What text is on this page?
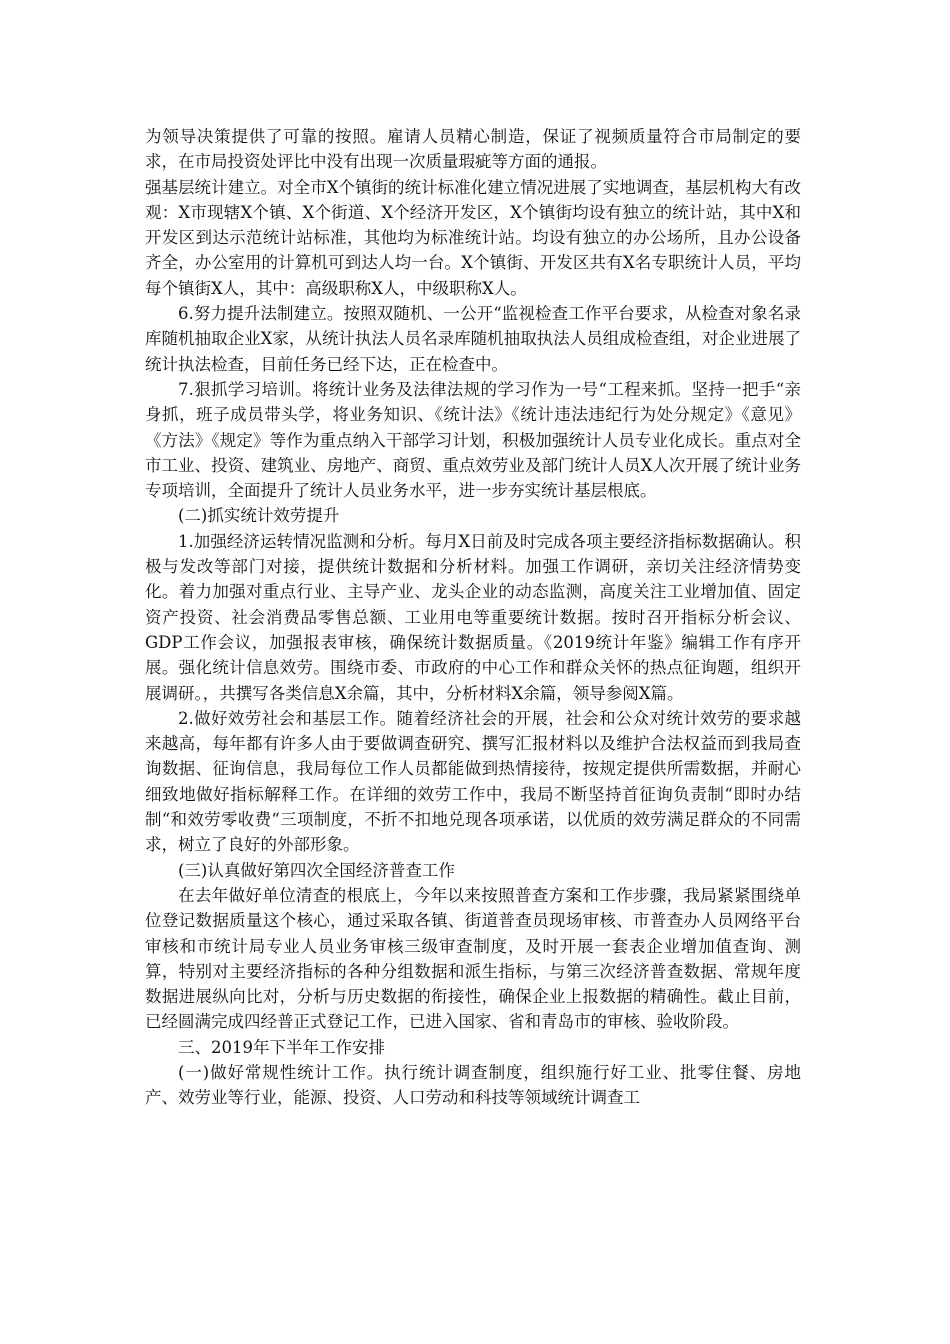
为领导决策提供了可靠的按照。雇请人员精心制造，保证了视频质量符合市局制定的要求，在市局投资处评比中没有出现一次质量瑕疵等方面的通报。

强基层统计建立。对全市X个镇街的统计标准化建立情况进展了实地调查，基层机构大有改观：X市现辖X个镇、X个街道、X个经济开发区，X个镇街均设有独立的统计站，其中X和开发区到达示范统计站标准，其他均为标准统计站。均设有独立的办公场所，且办公设备齐全，办公室用的计算机可到达人均一台。X个镇街、开发区共有X名专职统计人员，平均每个镇街X人，其中：高级职称X人，中级职称X人。

6.努力提升法制建立。按照双随机、一公开“监视检查工作平台要求，从检查对象名录库随机抽取企业X家，从统计执法人员名录库随机抽取执法人员组成检查组，对企业进展了统计执法检查，目前任务已经下达，正在检查中。

7.狠抓学习培训。将统计业务及法律法规的学习作为一号“工程来抓。坚持一把手“亲身抓，班子成员带头学，将业务知识、《统计法》《统计违法违纪行为处分规定》《意见》《方法》《规定》等作为重点纳入干部学习计划，积极加强统计人员专业化成长。重点对全市工业、投资、建筑业、房地产、商贸、重点效劳业及部门统计人员X人次开展了统计业务专项培训，全面提升了统计人员业务水平，进一步夯实统计基层根底。

(二)抓实统计效劳提升

1.加强经济运转情况监测和分析。每月X日前及时完成各项主要经济指标数据确认。积极与发改等部门对接，提供统计数据和分析材料。加强工作调研，亲切关注经济情势变化。着力加强对重点行业、主导产业、龙头企业的动态监测，高度关注工业增加值、固定资产投资、社会消费品零售总额、工业用电等重要统计数据。按时召开指标分析会议、GDP工作会议，加强报表审核，确保统计数据质量。《2019统计年鉴》编辑工作有序开展。强化统计信息效劳。围绕市委、市政府的中心工作和群众关怀的热点征询题，组织开展调研。，共撰写各类信息X余篇，其中，分析材料X余篇，领导参阅X篇。

2.做好效劳社会和基层工作。随着经济社会的开展，社会和公众对统计效劳的要求越来越高，每年都有许多人由于要做调查研究、撰写汇报材料以及维护合法权益而到我局查询数据、征询信息，我局每位工作人员都能做到热情接待，按规定提供所需数据，并耐心细致地做好指标解释工作。在详细的效劳工作中，我局不断坚持首征询负责制“即时办结制“和效劳零收费“三项制度，不折不扣地兑现各项承诺，以优质的效劳满足群众的不同需求，树立了良好的外部形象。

(三)认真做好第四次全国经济普查工作

在去年做好单位清查的根底上，今年以来按照普查方案和工作步骤，我局紧紧围绕单位登记数据质量这个核心，通过采取各镇、街道普查员现场审核、市普查办人员网络平台审核和市统计局专业人员业务审核三级审查制度，及时开展一套表企业增加值查询、测算，特别对主要经济指标的各种分组数据和派生指标，与第三次经济普查数据、常规年度数据进展纵向比对，分析与历史数据的衔接性，确保企业上报数据的精确性。截止目前，已经圆满完成四经普正式登记工作，已进入国家、省和青岛市的审核、验收阶段。

三、2019年下半年工作安排

(一)做好常规性统计工作。执行统计调查制度，组织施行好工业、批零住餐、房地产、效劳业等行业，能源、投资、人口劳动和科技等领域统计调查工
